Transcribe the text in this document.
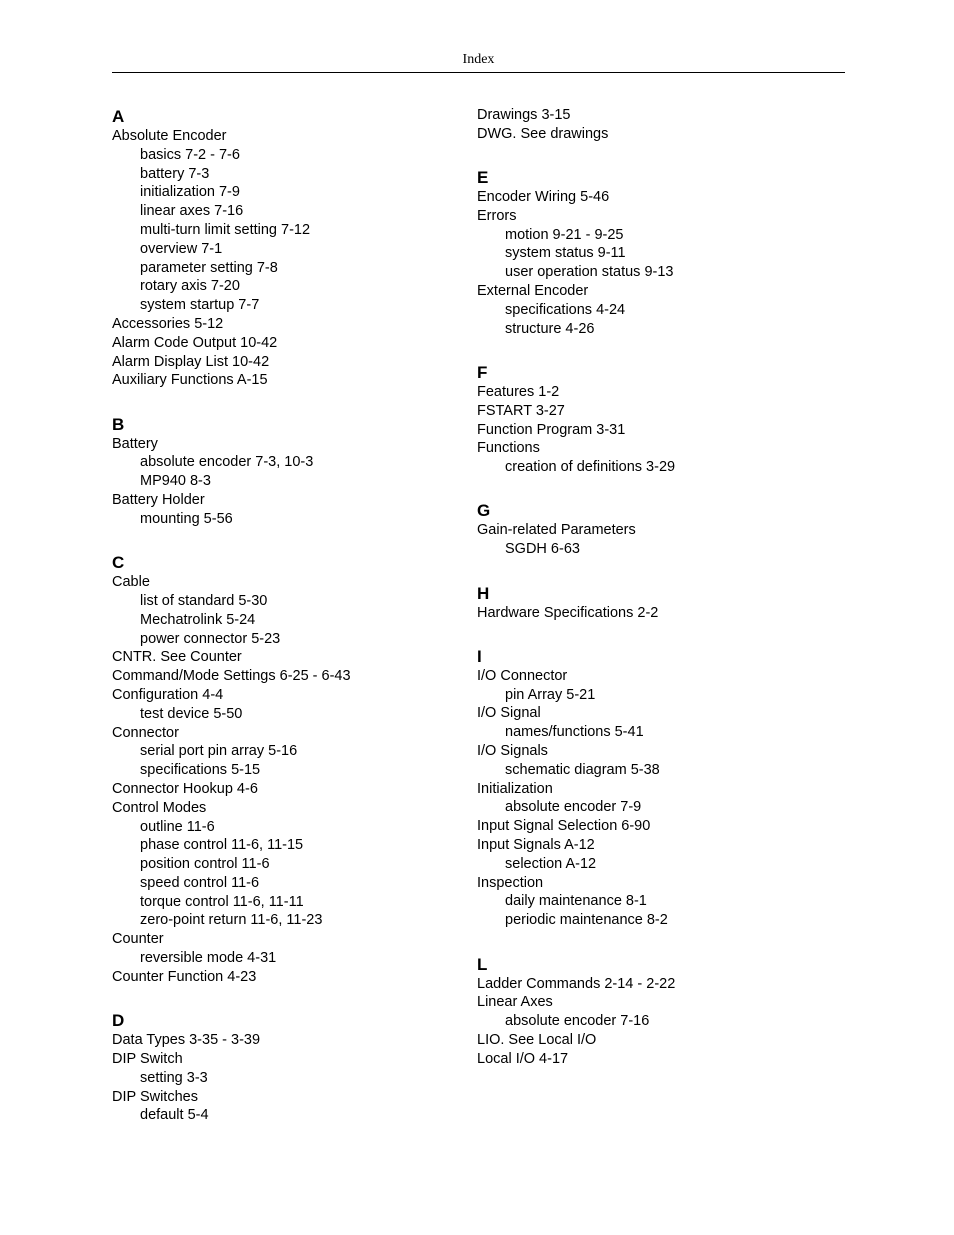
Index
A
Absolute Encoder
basics 7-2 - 7-6
battery 7-3
initialization 7-9
linear axes 7-16
multi-turn limit setting 7-12
overview 7-1
parameter setting 7-8
rotary axis 7-20
system startup 7-7
Accessories 5-12
Alarm Code Output 10-42
Alarm Display List 10-42
Auxiliary Functions A-15
B
Battery
absolute encoder 7-3, 10-3
MP940 8-3
Battery Holder
mounting 5-56
C
Cable
list of standard 5-30
Mechatrolink 5-24
power connector 5-23
CNTR. See Counter
Command/Mode Settings 6-25 - 6-43
Configuration 4-4
test device 5-50
Connector
serial port pin array 5-16
specifications 5-15
Connector Hookup 4-6
Control Modes
outline 11-6
phase control 11-6, 11-15
position control 11-6
speed control 11-6
torque control 11-6, 11-11
zero-point return 11-6, 11-23
Counter
reversible mode 4-31
Counter Function 4-23
D
Data Types 3-35 - 3-39
DIP Switch
setting 3-3
DIP Switches
default 5-4
Drawings 3-15
DWG. See drawings
E
Encoder Wiring 5-46
Errors
motion 9-21 - 9-25
system status 9-11
user operation status 9-13
External Encoder
specifications 4-24
structure 4-26
F
Features 1-2
FSTART 3-27
Function Program 3-31
Functions
creation of definitions 3-29
G
Gain-related Parameters
SGDH 6-63
H
Hardware Specifications 2-2
I
I/O Connector
pin Array 5-21
I/O Signal
names/functions 5-41
I/O Signals
schematic diagram 5-38
Initialization
absolute encoder 7-9
Input Signal Selection 6-90
Input Signals A-12
selection A-12
Inspection
daily maintenance 8-1
periodic maintenance 8-2
L
Ladder Commands 2-14 - 2-22
Linear Axes
absolute encoder 7-16
LIO. See Local I/O
Local I/O 4-17
